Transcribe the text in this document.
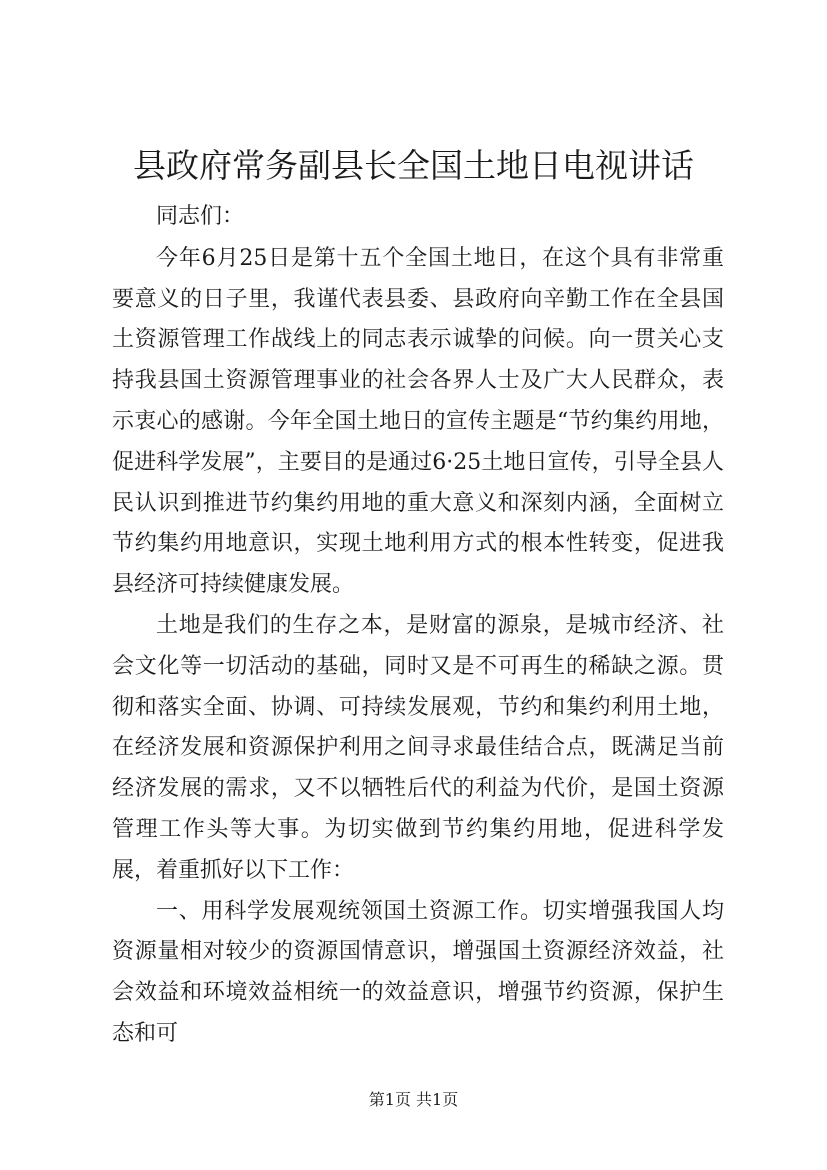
县政府常务副县长全国土地日电视讲话

同志们：

今年6月25日是第十五个全国土地日，在这个具有非常重要意义的日子里，我谨代表县委、县政府向辛勤工作在全县国土资源管理工作战线上的同志表示诚挚的问候。向一贯关心支持我县国土资源管理事业的社会各界人士及广大人民群众，表示衷心的感谢。今年全国土地日的宣传主题是“节约集约用地，促进科学发展”，主要目的是通过6·25土地日宣传，引导全县人民认识到推进节约集约用地的重大意义和深刻内涵，全面树立节约集约用地意识，实现土地利用方式的根本性转变，促进我县经济可持续健康发展。

土地是我们的生存之本，是财富的源泉，是城市经济、社会文化等一切活动的基础，同时又是不可再生的稀缺之源。贯彻和落实全面、协调、可持续发展观，节约和集约利用土地，在经济发展和资源保护利用之间寻求最佳结合点，既满足当前经济发展的需求，又不以牺牲后代的利益为代价，是国土资源管理工作头等大事。为切实做到节约集约用地，促进科学发展，着重抓好以下工作：

一、用科学发展观统领国土资源工作。切实增强我国人均资源量相对较少的资源国情意识，增强国土资源经济效益，社会效益和环境效益相统一的效益意识，增强节约资源，保护生态和可

第1页 共1页
